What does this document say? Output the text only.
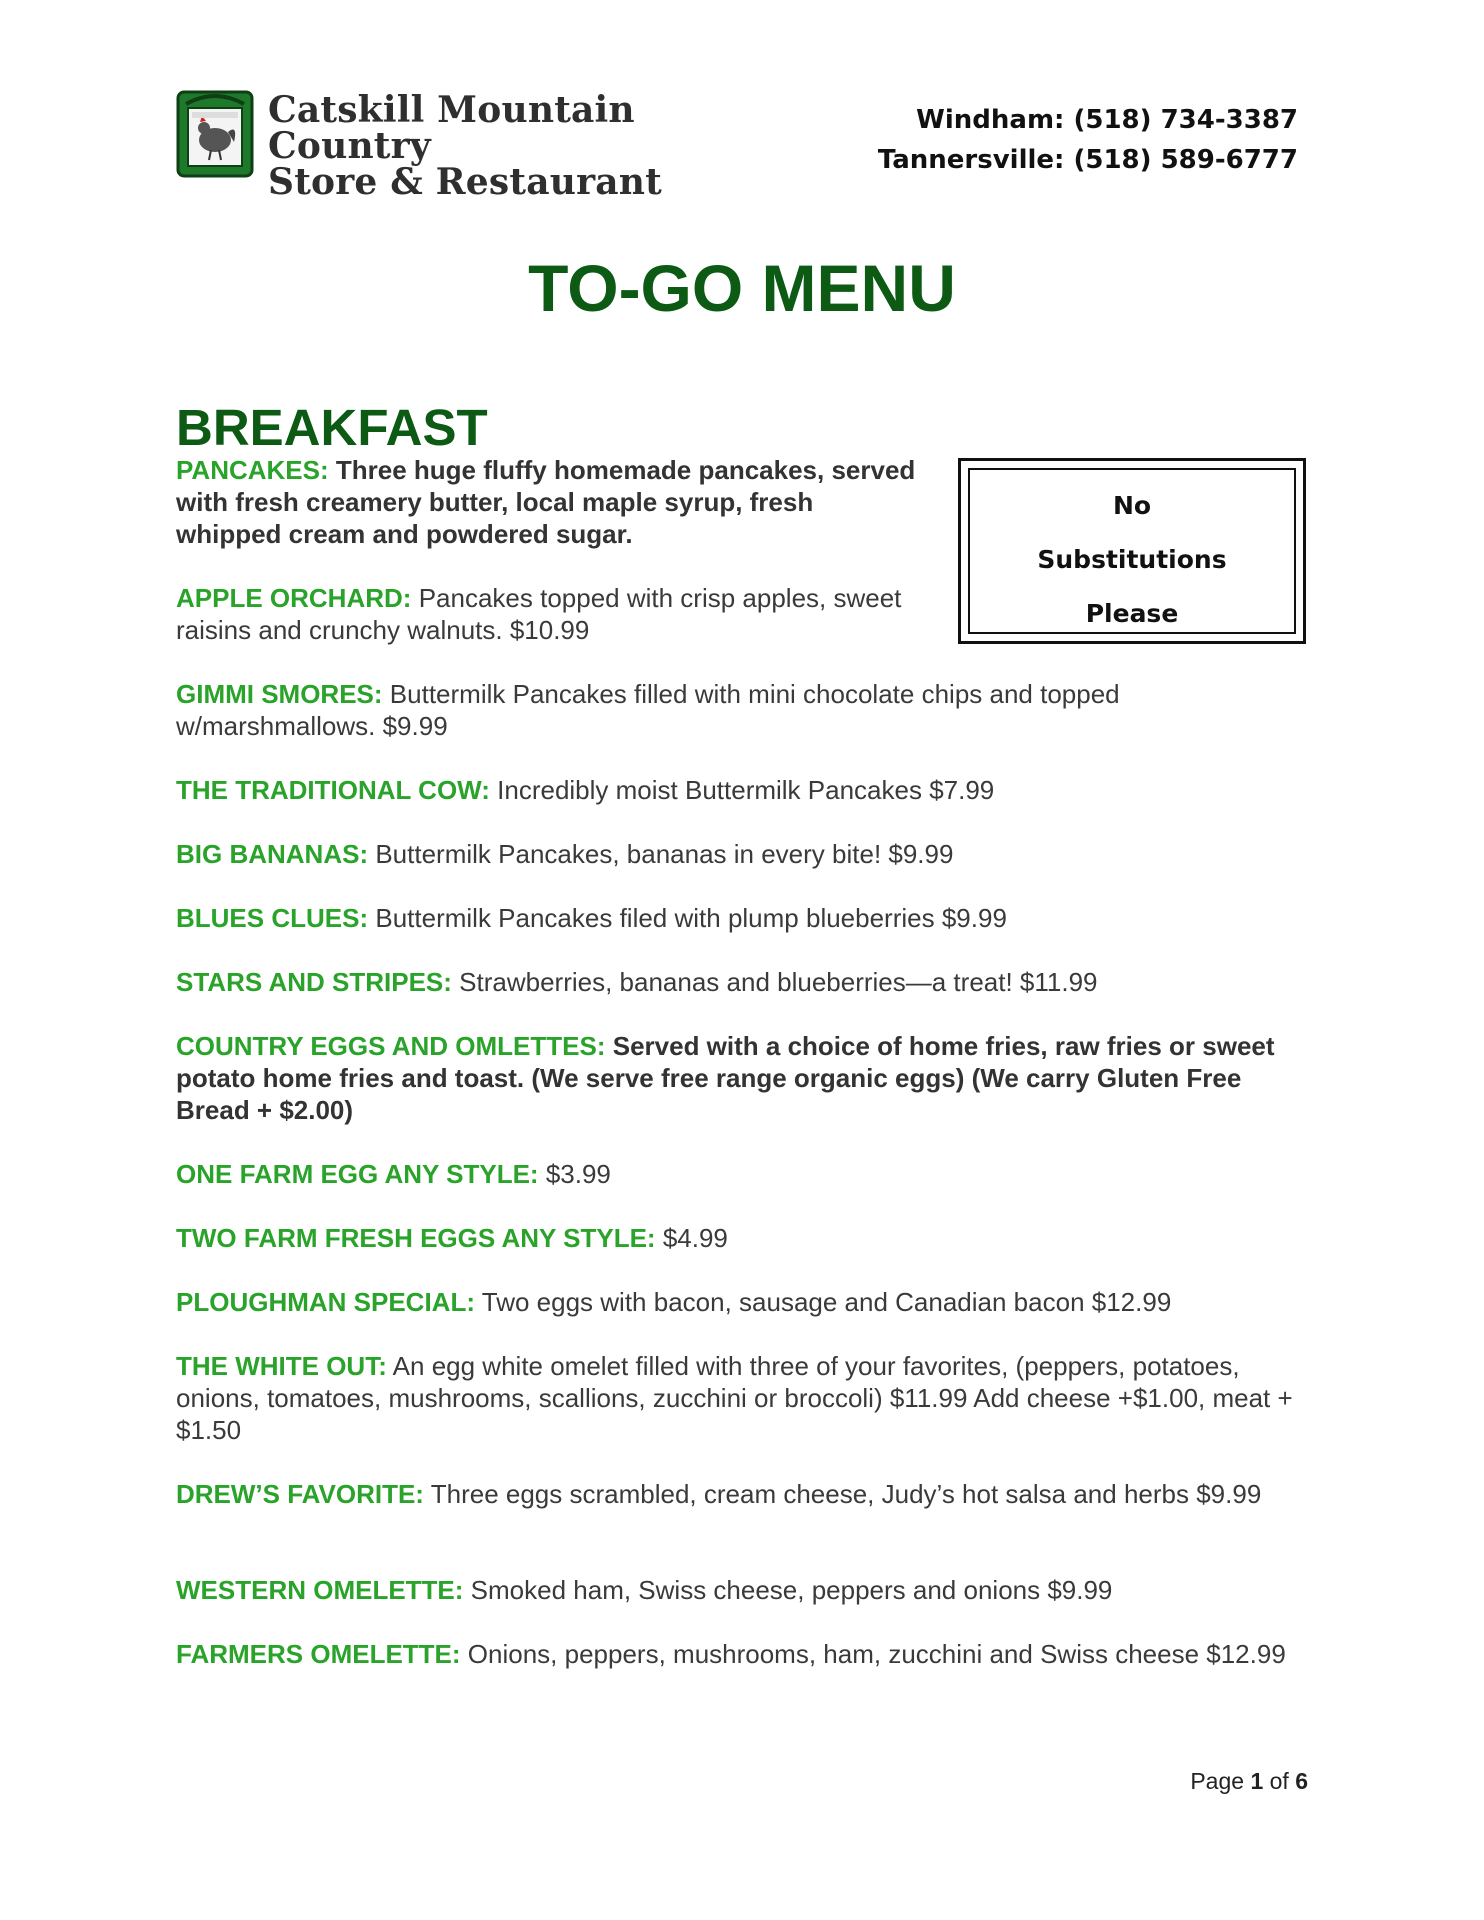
Catskill Mountain Country
Store & Restaurant
Windham: (518) 734-3387
Tannersville: (518) 589-6777
TO-GO MENU
BREAKFAST
PANCAKES: Three huge fluffy homemade pancakes, served with fresh creamery butter, local maple syrup, fresh whipped cream and powdered sugar.
No
Substitutions
Please
APPLE ORCHARD: Pancakes topped with crisp apples, sweet raisins and crunchy walnuts. $10.99
GIMMI SMORES: Buttermilk Pancakes filled with mini chocolate chips and topped w/marshmallows. $9.99
THE TRADITIONAL COW: Incredibly moist Buttermilk Pancakes $7.99
BIG BANANAS: Buttermilk Pancakes, bananas in every bite! $9.99
BLUES CLUES: Buttermilk Pancakes filed with plump blueberries $9.99
STARS AND STRIPES: Strawberries, bananas and blueberries—a treat! $11.99
COUNTRY EGGS AND OMLETTES: Served with a choice of home fries, raw fries or sweet potato home fries and toast. (We serve free range organic eggs) (We carry Gluten Free Bread + $2.00)
ONE FARM EGG ANY STYLE: $3.99
TWO FARM FRESH EGGS ANY STYLE: $4.99
PLOUGHMAN SPECIAL: Two eggs with bacon, sausage and Canadian bacon $12.99
THE WHITE OUT: An egg white omelet filled with three of your favorites, (peppers, potatoes, onions, tomatoes, mushrooms, scallions, zucchini or broccoli) $11.99 Add cheese +$1.00, meat + $1.50
DREW’S FAVORITE: Three eggs scrambled, cream cheese, Judy’s hot salsa and herbs $9.99
WESTERN OMELETTE: Smoked ham, Swiss cheese, peppers and onions $9.99
FARMERS OMELETTE: Onions, peppers, mushrooms, ham, zucchini and Swiss cheese $12.99
Page 1 of 6
